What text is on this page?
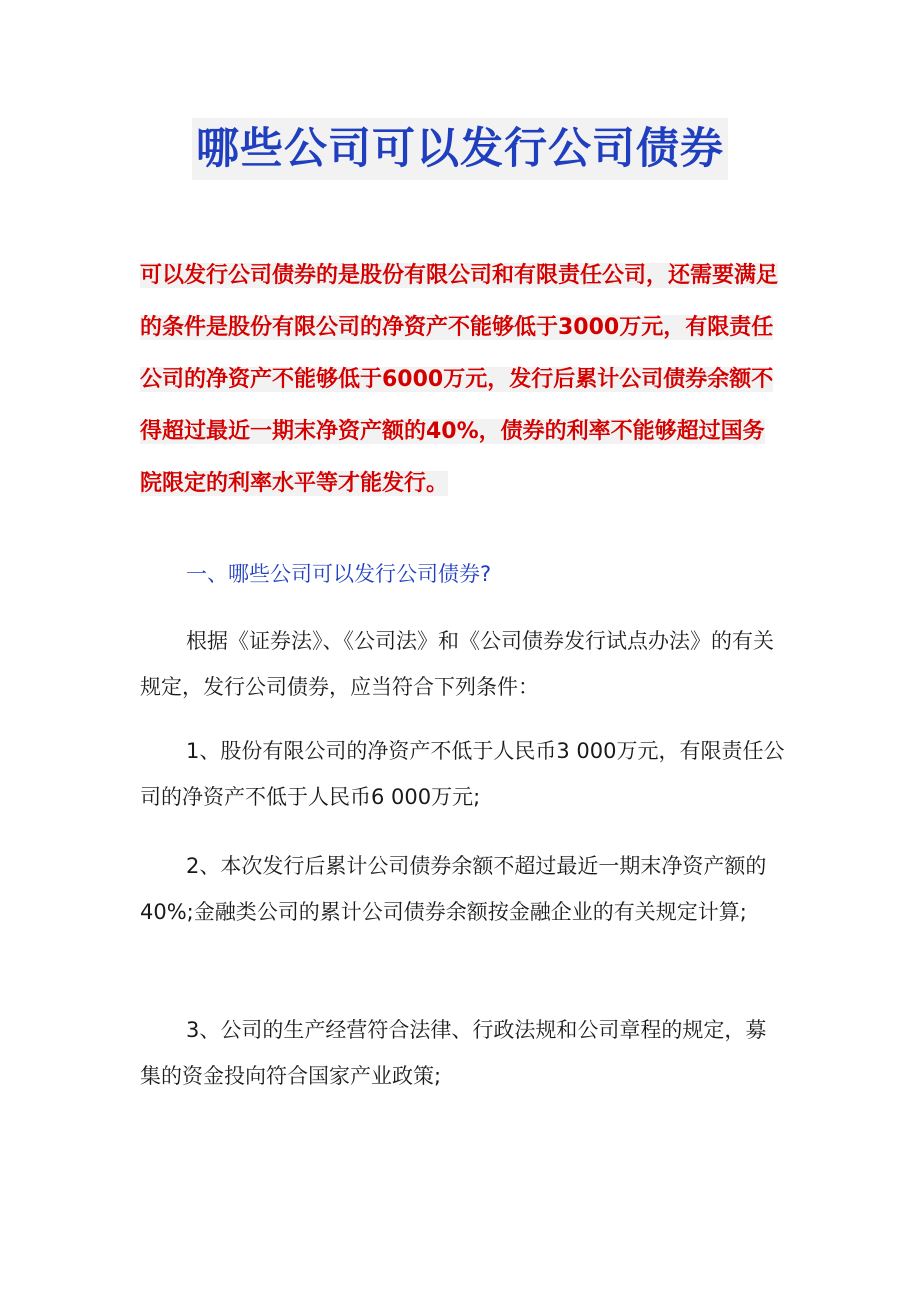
哪些公司可以发行公司债券
可以发行公司债券的是股份有限公司和有限责任公司，还需要满足的条件是股份有限公司的净资产不能够低于3000万元，有限责任公司的净资产不能够低于6000万元，发行后累计公司债券余额不得超过最近一期末净资产额的40%，债券的利率不能够超过国务院限定的利率水平等才能发行。
一、哪些公司可以发行公司债券?
根据《证券法》、《公司法》和《公司债券发行试点办法》的有关规定，发行公司债券，应当符合下列条件：
1、股份有限公司的净资产不低于人民币3 000万元，有限责任公司的净资产不低于人民币6 000万元;
2、本次发行后累计公司债券余额不超过最近一期末净资产额的40%;金融类公司的累计公司债券余额按金融企业的有关规定计算;
3、公司的生产经营符合法律、行政法规和公司章程的规定，募集的资金投向符合国家产业政策;
